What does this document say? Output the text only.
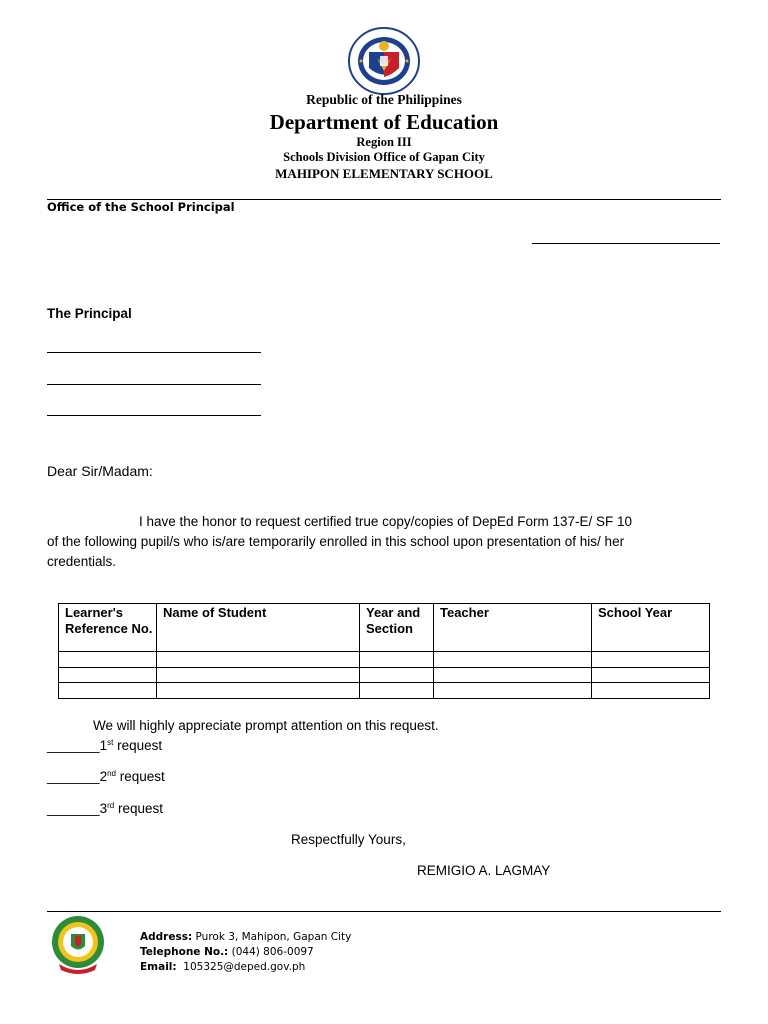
Republic of the Philippines
Department of Education
Region III
Schools Division Office of Gapan City
MAHIPON ELEMENTARY SCHOOL
Office of the School Principal
The Principal
Dear Sir/Madam:
I have the honor to request certified true copy/copies of DepEd Form 137-E/ SF 10
of the following pupil/s who is/are temporarily enrolled in this school upon presentation of his/ her
credentials.
Learner's Reference No.	Name of Student	Year and Section	Teacher	School Year

We will highly appreciate prompt attention on this request.
_______1st request
_______2nd request
_______3rd request
Respectfully Yours,
REMIGIO A. LAGMAY
Address: Purok 3, Mahipon, Gapan City
Telephone No.: (044) 806-0097
Email: 105325@deped.gov.ph
